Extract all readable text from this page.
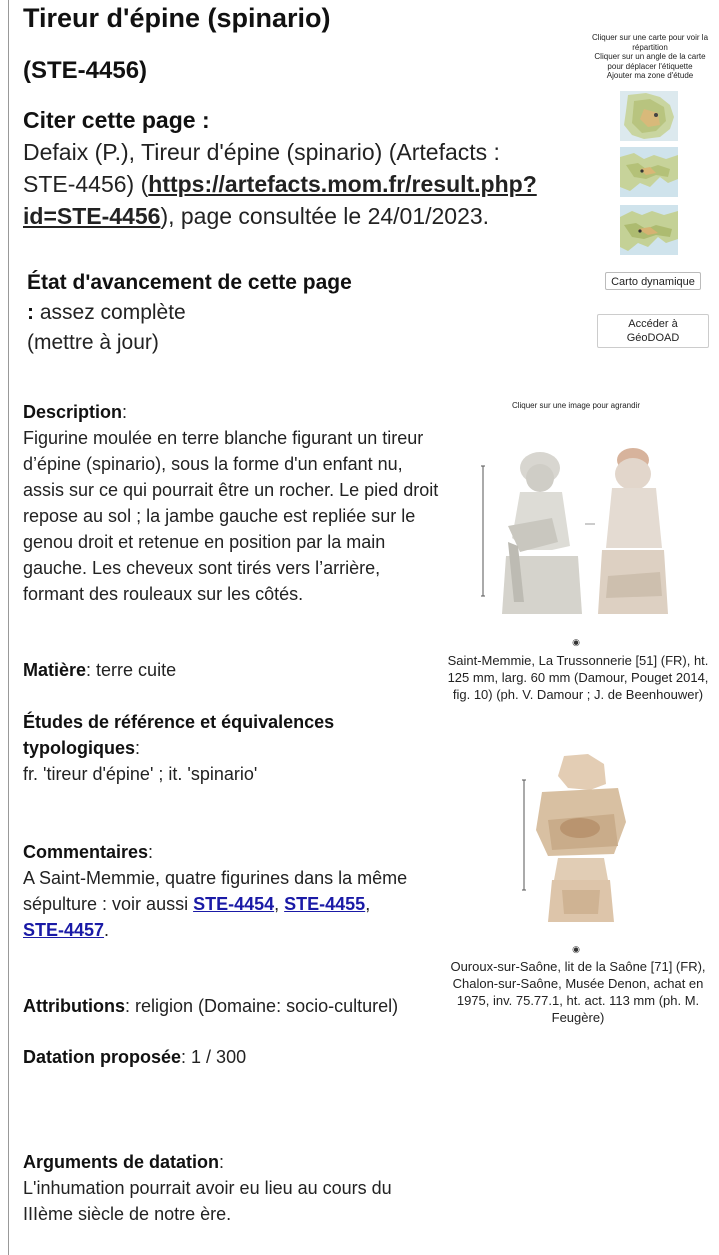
Tireur d'épine (spinario)
(STE-4456)
Citer cette page :
Defaix (P.), Tireur d'épine (spinario) (Artefacts : STE-4456) (https://artefacts.mom.fr/result.php?id=STE-4456), page consultée le 24/01/2023.
État d'avancement de cette page : assez complète
(mettre à jour)
Description:
Figurine moulée en terre blanche figurant un tireur d’épine (spinario), sous la forme d'un enfant nu, assis sur ce qui pourrait être un rocher. Le pied droit repose au sol ; la jambe gauche est repliée sur le genou droit et retenue en position par la main gauche. Les cheveux sont tirés vers l’arrière, formant des rouleaux sur les côtés.
Matière: terre cuite
Études de référence et équivalences typologiques:
fr. 'tireur d'épine' ; it. 'spinario'
Commentaires:
A Saint-Memmie, quatre figurines dans la même sépulture : voir aussi STE-4454, STE-4455,
STE-4457.
Attributions: religion (Domaine: socio-culturel)
Datation proposée: 1 / 300
Arguments de datation:
L'inhumation pourrait avoir eu lieu au cours du IIIème siècle de notre ère.
Cliquer sur une carte pour voir la répartition
Cliquer sur un angle de la carte pour déplacer l'étiquette
Ajouter ma zone d'étude
Carto dynamique
Accéder à GéoDOAD
Cliquer sur une image pour agrandir
◉
Saint-Memmie, La Trussonnerie [51] (FR), ht. 125 mm, larg. 60 mm (Damour, Pouget 2014, fig. 10) (ph. V. Damour ; J. de Beenhouwer)
◉
Ouroux-sur-Saône, lit de la Saône [71] (FR), Chalon-sur-Saône, Musée Denon, achat en 1975, inv. 75.77.1, ht. act. 113 mm (ph. M. Feugère)
